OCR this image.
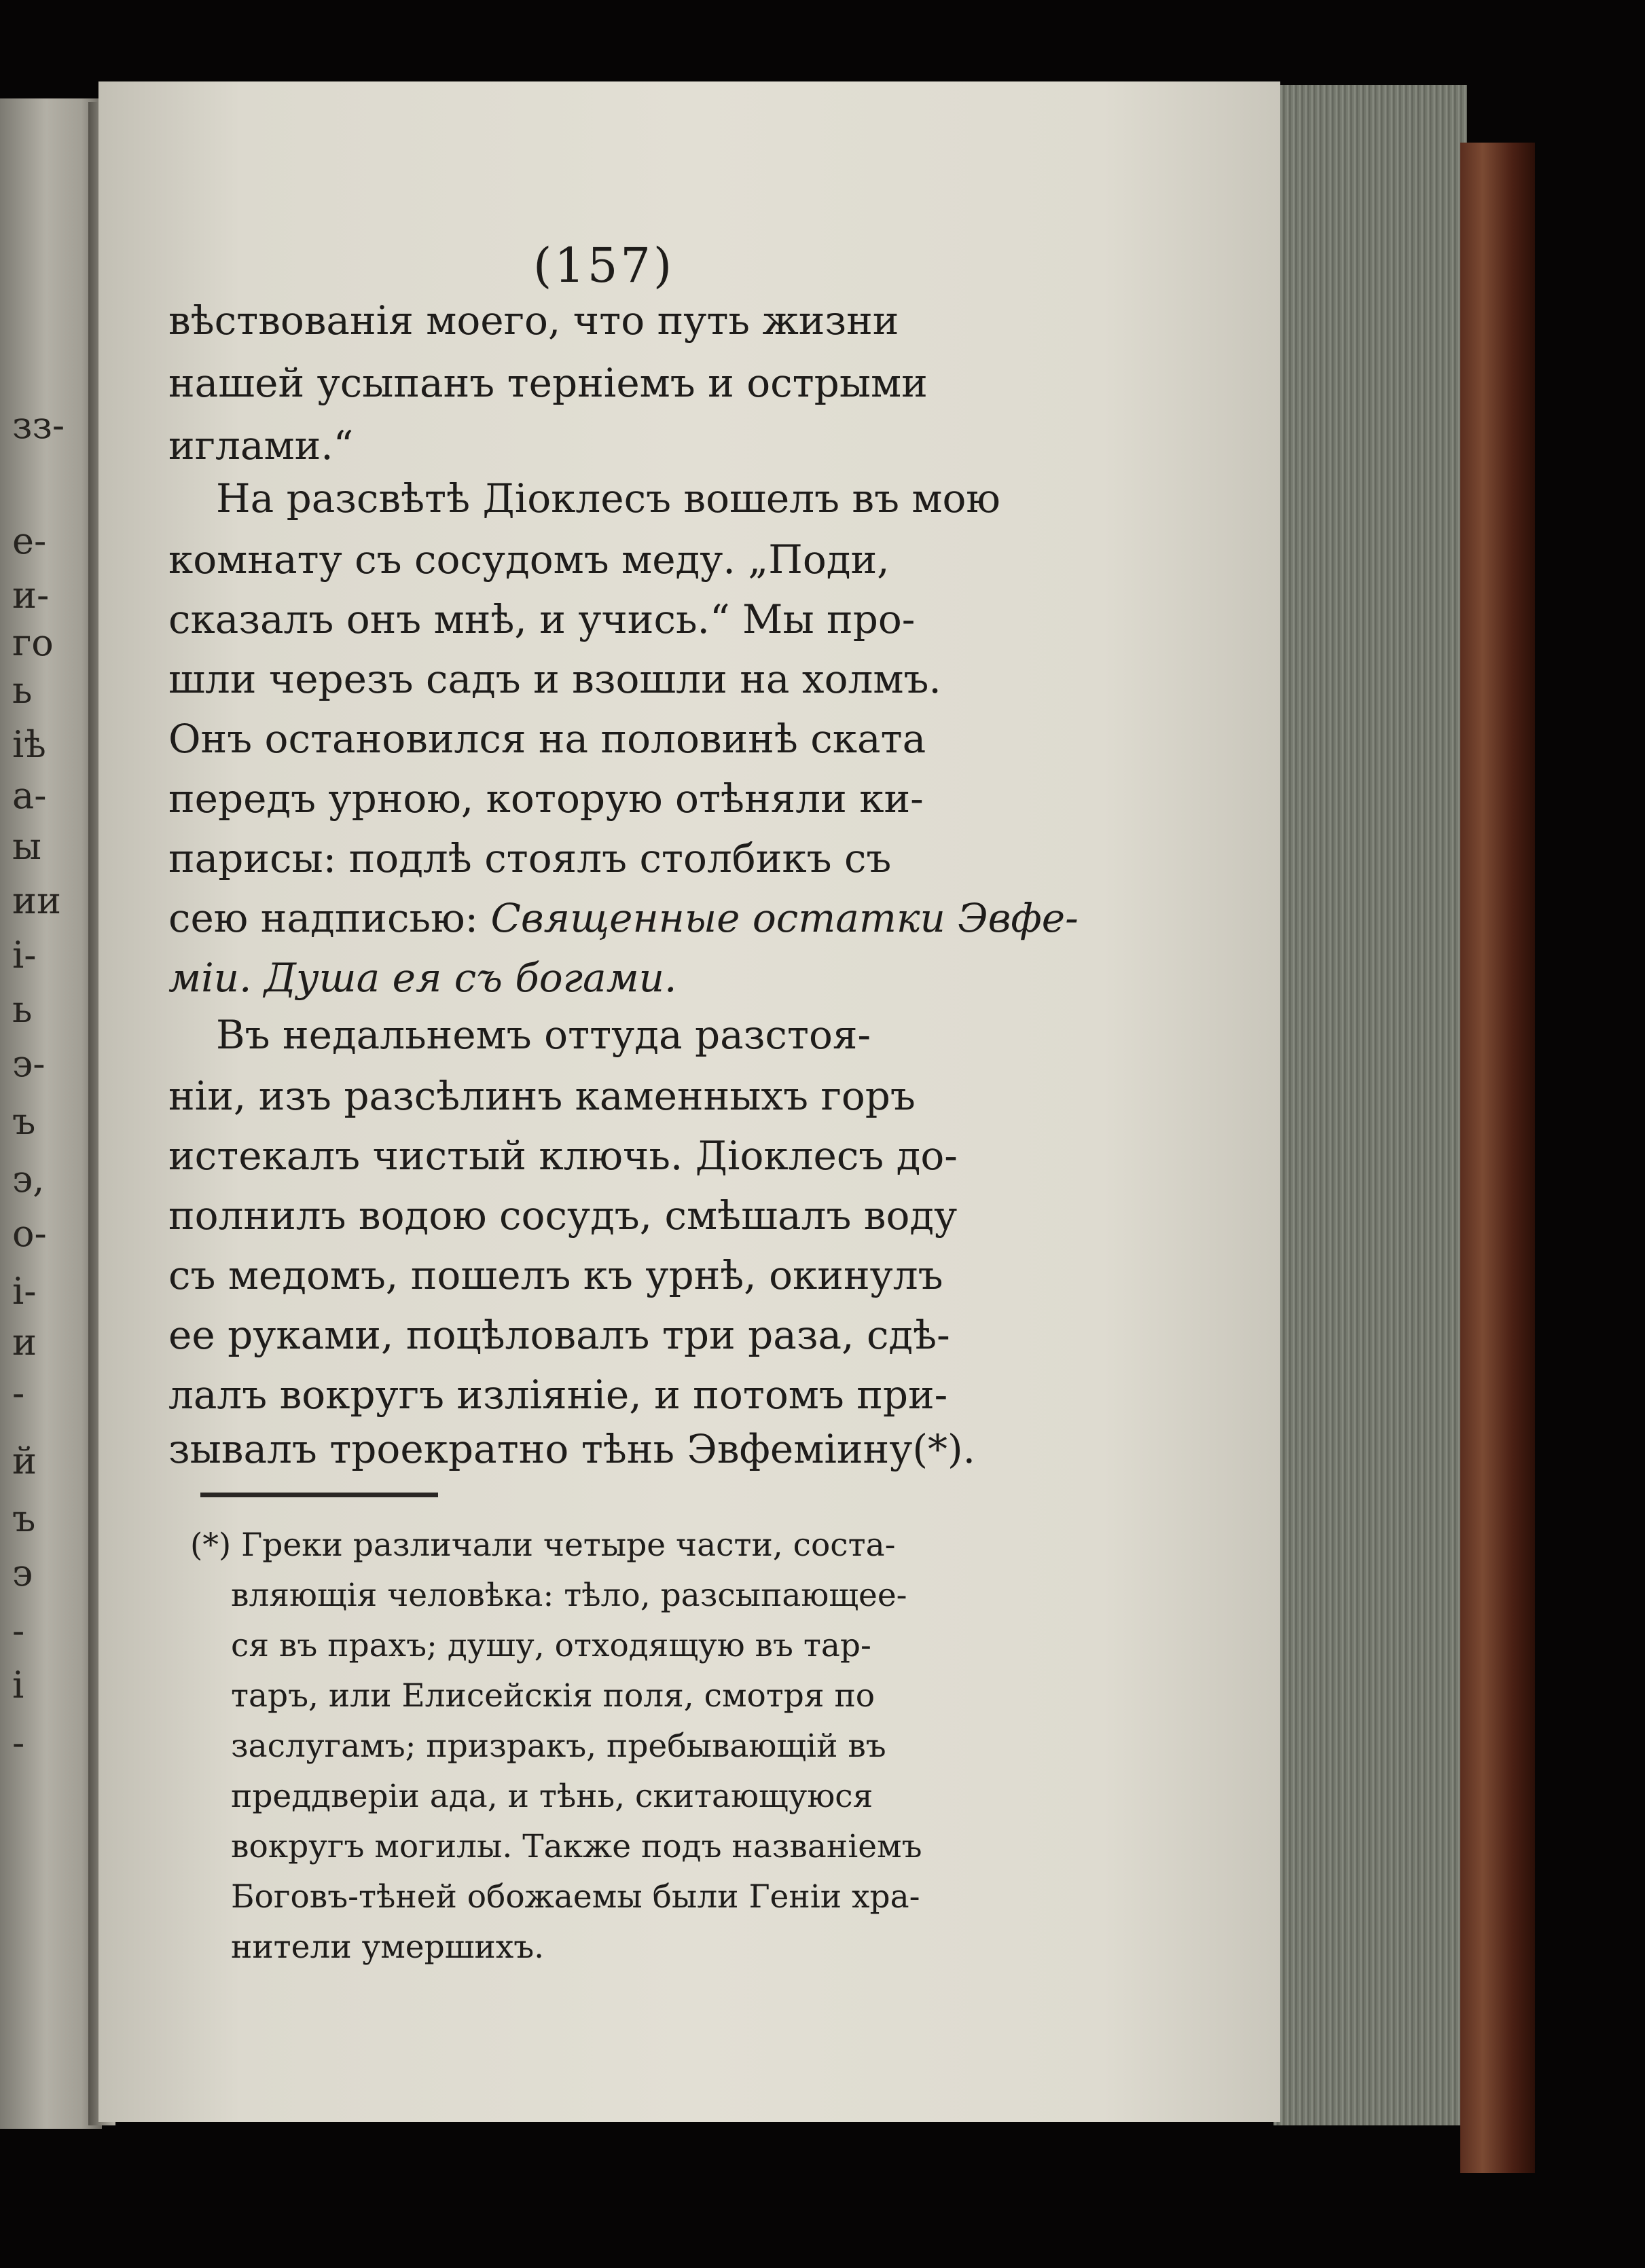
зз-
е-
и-
го
ь
iѣ
а-
ы
ии
і-
ь
э-
ъ
э,
о-
і-
и
-
й
ъ
э
-
і
-
(157)
вѣствованія моего, что путь жизни
нашей усыпанъ терніемъ и острыми
иглами.“
На разсвѣтѣ Діоклесъ вошелъ въ мою
комнату съ сосудомъ меду. „Поди,
сказалъ онъ мнѣ, и учись.“ Мы про-
шли черезъ садъ и взошли на холмъ.
Онъ остановился на половинѣ ската
передъ урною, которую отѣняли ки-
парисы: подлѣ стоялъ столбикъ съ
сею надписью: Священные остатки Эвфе-
міи. Душа ея съ богами.
Въ недальнемъ оттуда разстоя-
ніи, изъ разсѣлинъ каменныхъ горъ
истекалъ чистый ключь. Діоклесъ до-
полнилъ водою сосудъ, смѣшалъ воду
съ медомъ, пошелъ къ урнѣ, окинулъ
ее руками, поцѣловалъ три раза, сдѣ-
лалъ вокругъ изліяніе, и потомъ при-
зывалъ троекратно тѣнь Эвфеміину(*).
(*) Греки различали четыре части, соста-
вляющія человѣка: тѣло, разсыпающее-
ся въ прахъ; душу, отходящую въ тар-
таръ, или Елисейскія поля, смотря по
заслугамъ; призракъ, пребывающій въ
преддверіи ада, и тѣнь, скитающуюся
вокругъ могилы. Также подъ названіемъ
Боговъ-тѣней обожаемы были Геніи хра-
нители умершихъ.
